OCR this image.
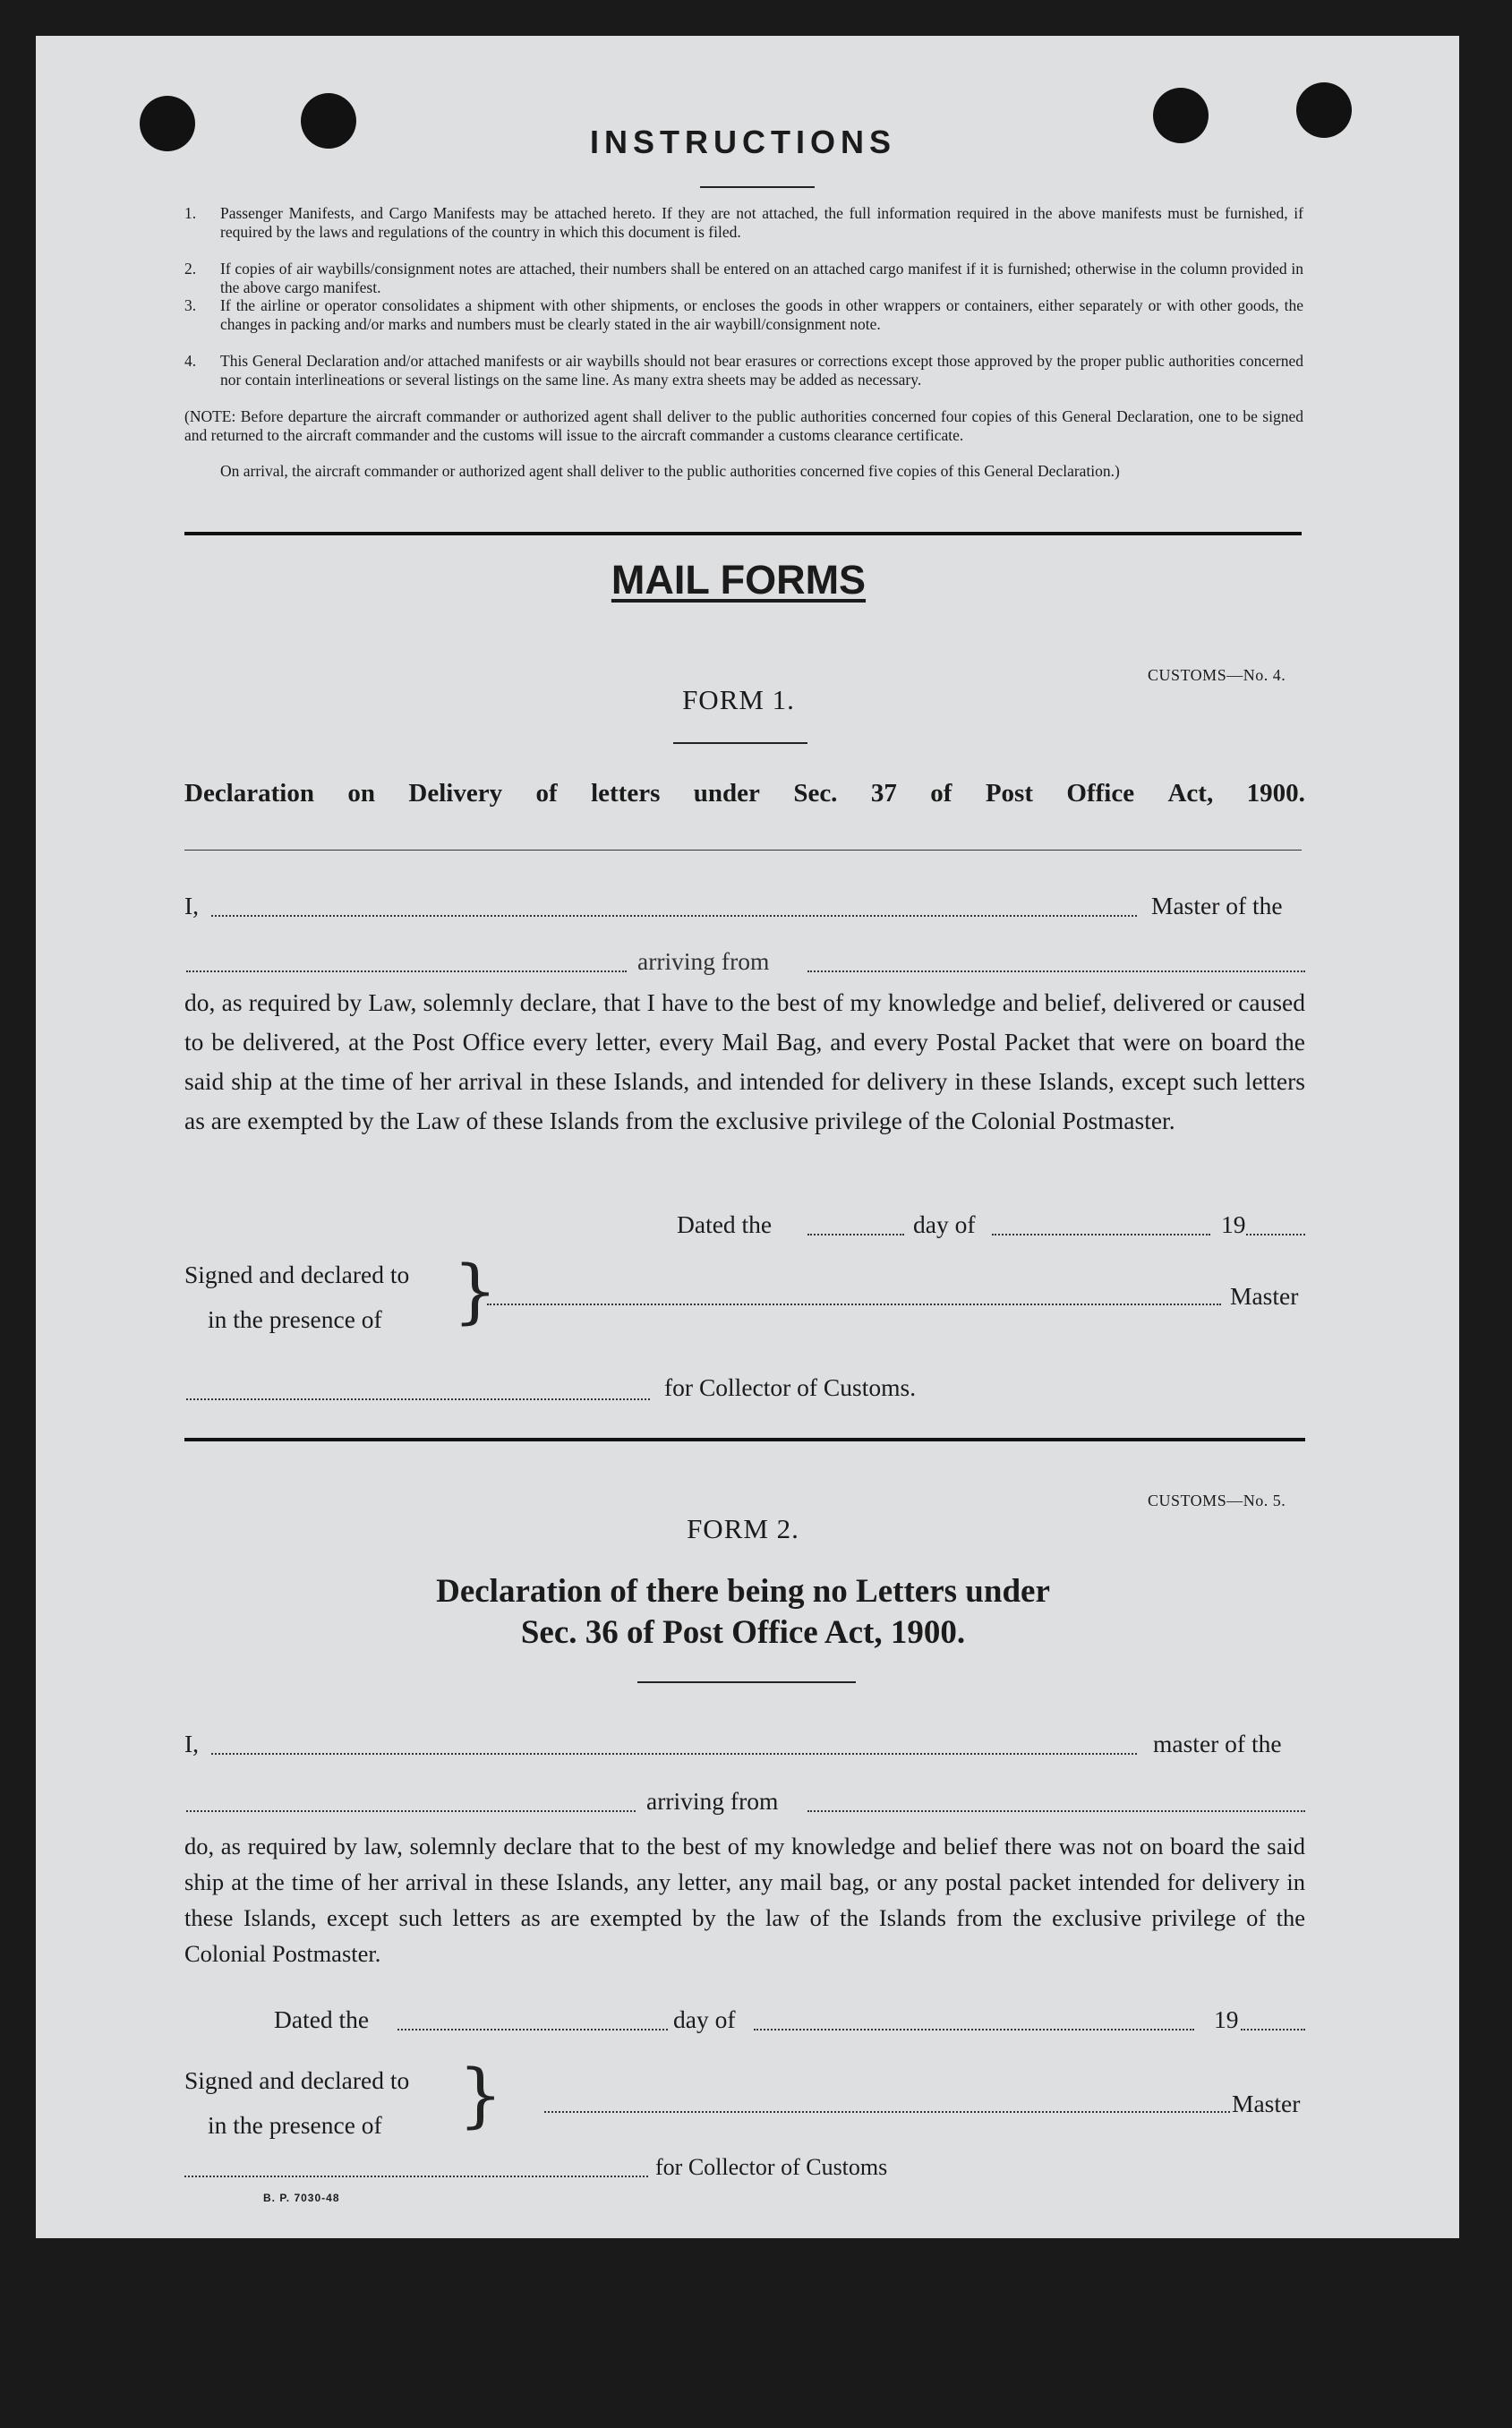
INSTRUCTIONS
1. Passenger Manifests, and Cargo Manifests may be attached hereto. If they are not attached, the full information required in the above manifests must be furnished, if required by the laws and regulations of the country in which this document is filed.
2. If copies of air waybills/consignment notes are attached, their numbers shall be entered on an attached cargo manifest if it is furnished; otherwise in the column provided in the above cargo manifest.
3. If the airline or operator consolidates a shipment with other shipments, or encloses the goods in other wrappers or containers, either separately or with other goods, the changes in packing and/or marks and numbers must be clearly stated in the air waybill/consignment note.
4. This General Declaration and/or attached manifests or air waybills should not bear erasures or corrections except those approved by the proper public authorities concerned nor contain interlineations or several listings on the same line. As many extra sheets may be added as necessary.
(NOTE: Before departure the aircraft commander or authorized agent shall deliver to the public authorities concerned four copies of this General Declaration, one to be signed and returned to the aircraft commander and the customs will issue to the aircraft commander a customs clearance certificate.
On arrival, the aircraft commander or authorized agent shall deliver to the public authorities concerned five copies of this General Declaration.)
MAIL FORMS
CUSTOMS—No. 4.
FORM 1.
Declaration on Delivery of letters under Sec. 37 of Post Office Act, 1900.
I,	Master of the
arriving from
do, as required by Law, solemnly declare, that I have to the best of my knowledge and belief, delivered or caused to be delivered, at the Post Office every letter, every Mail Bag, and every Postal Packet that were on board the said ship at the time of her arrival in these Islands, and intended for delivery in these Islands, except such letters as are exempted by the Law of these Islands from the exclusive privilege of the Colonial Postmaster.
Dated the	day of	19
Signed and declared to
in the presence of }	Master
for Collector of Customs.
CUSTOMS—No. 5.
FORM 2.
Declaration of there being no Letters under
Sec. 36 of Post Office Act, 1900.
I,	master of the
arriving from
do, as required by law, solemnly declare that to the best of my knowledge and belief there was not on board the said ship at the time of her arrival in these Islands, any letter, any mail bag, or any postal packet intended for delivery in these Islands, except such letters as are exempted by the law of the Islands from the exclusive privilege of the Colonial Postmaster.
Dated the	day of	19
Signed and declared to
in the presence of }	Master
for Collector of Customs
B. P. 7030-48
